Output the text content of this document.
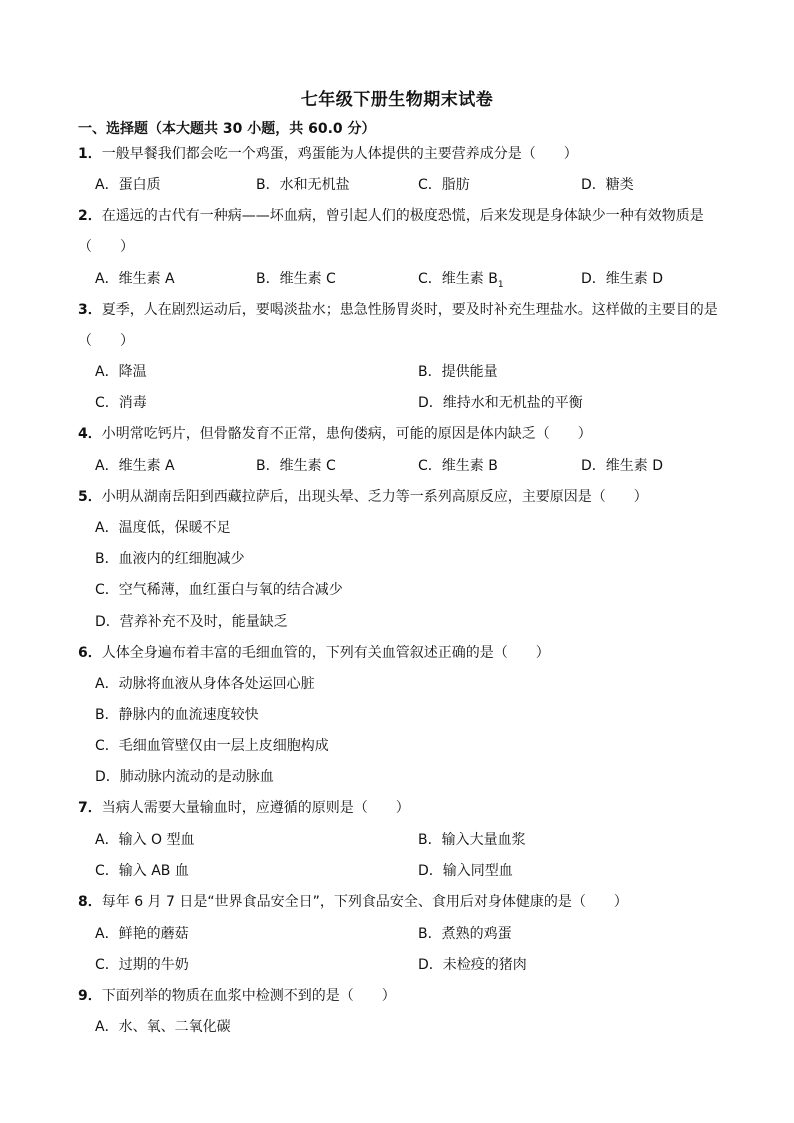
七年级下册生物期末试卷
一、选择题（本大题共 30 小题，共 60.0 分）
1．一般早餐我们都会吃一个鸡蛋，鸡蛋能为人体提供的主要营养成分是（　　）
A．蛋白质	B．水和无机盐	C．脂肪	D．糖类
2．在遥远的古代有一种病——坏血病，曾引起人们的极度恐慌，后来发现是身体缺少一种有效物质是
（　　）
A．维生素 A	B．维生素 C	C．维生素 $B_1$	D．维生素 D
3．夏季，人在剧烈运动后，要喝淡盐水；患急性肠胃炎时，要及时补充生理盐水。这样做的主要目的是
（　　）
A．降温	B．提供能量
C．消毒	D．维持水和无机盐的平衡
4．小明常吃钙片，但骨骼发育不正常，患佝偻病，可能的原因是体内缺乏（　　）
A．维生素 A	B．维生素 C	C．维生素 B	D．维生素 D
5．小明从湖南岳阳到西藏拉萨后，出现头晕、乏力等一系列高原反应，主要原因是（　　）
A．温度低，保暖不足
B．血液内的红细胞减少
C．空气稀薄，血红蛋白与氧的结合减少
D．营养补充不及时，能量缺乏
6．人体全身遍布着丰富的毛细血管的，下列有关血管叙述正确的是（　　）
A．动脉将血液从身体各处运回心脏
B．静脉内的血流速度较快
C．毛细血管壁仅由一层上皮细胞构成
D．肺动脉内流动的是动脉血
7．当病人需要大量输血时，应遵循的原则是（　　）
A．输入 O 型血	B．输入大量血浆
C．输入 AB 血	D．输入同型血
8．每年 6 月 7 日是“世界食品安全日”，下列食品安全、食用后对身体健康的是（　　）
A．鲜艳的蘑菇	B．煮熟的鸡蛋
C．过期的牛奶	D．未检疫的猪肉
9．下面列举的物质在血浆中检测不到的是（　　）
A．水、氧、二氧化碳
